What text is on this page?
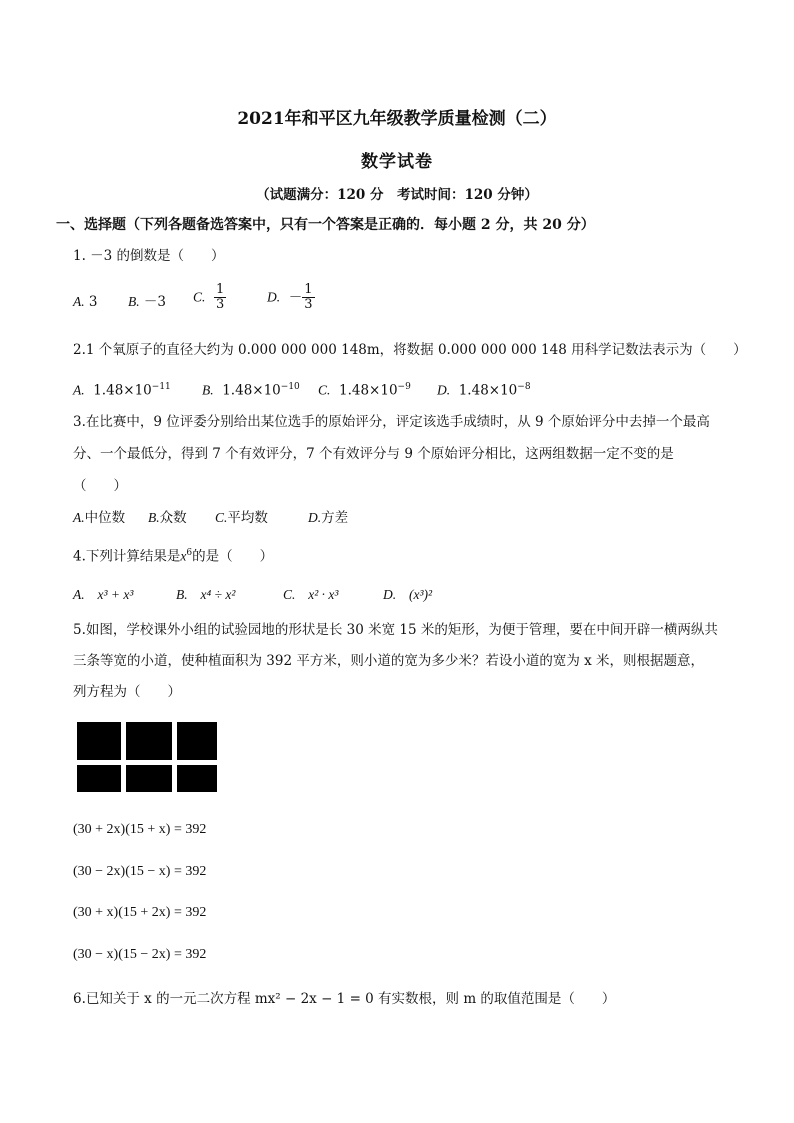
2021年和平区九年级教学质量检测（二）
数学试卷
（试题满分：120 分　考试时间：120 分钟）
一、选择题（下列各题备选答案中，只有一个答案是正确的．每小题 2 分，共 20 分）
1. －3 的倒数是（　　）
A. 3 B. －3 C. $\frac{1}{3}$	D. － $\frac{1}{3}$
2.1 个氧原子的直径大约为 0.000 000 000 148m，将数据 0.000 000 000 148 用科学记数法表示为（　　）
A. $1.48\times 10^{-11}$ B. $1.48\times 10^{-10}$ C. $1.48\times 10^{-9}$ D. $1.48\times 10^{-8}$
3.在比赛中，9 位评委分别给出某位选手的原始评分，评定该选手成绩时，从 9 个原始评分中去掉一个最高
分、一个最低分，得到 7 个有效评分，7 个有效评分与 9 个原始评分相比，这两组数据一定不变的是
（　　）
A.中位数 B.众数 C.平均数	D.方差
4.下列计算结果是$x^6$的是（　　）
A. x³ + x³	B. x⁴ ÷ x²	C. x² · x³	D. (x³)²
5.如图，学校课外小组的试验园地的形状是长 30 米宽 15 米的矩形，为便于管理，要在中间开辟一横两纵共
三条等宽的小道，使种植面积为 392 平方米，则小道的宽为多少米？若设小道的宽为 x 米，则根据题意，
列方程为（　　）
(30 + 2x)(15 + x) = 392
(30 − 2x)(15 − x) = 392
(30 + x)(15 + 2x) = 392
(30 − x)(15 − 2x) = 392
6.已知关于 x 的一元二次方程 mx² − 2x − 1 = 0 有实数根，则 m 的取值范围是（　　）
